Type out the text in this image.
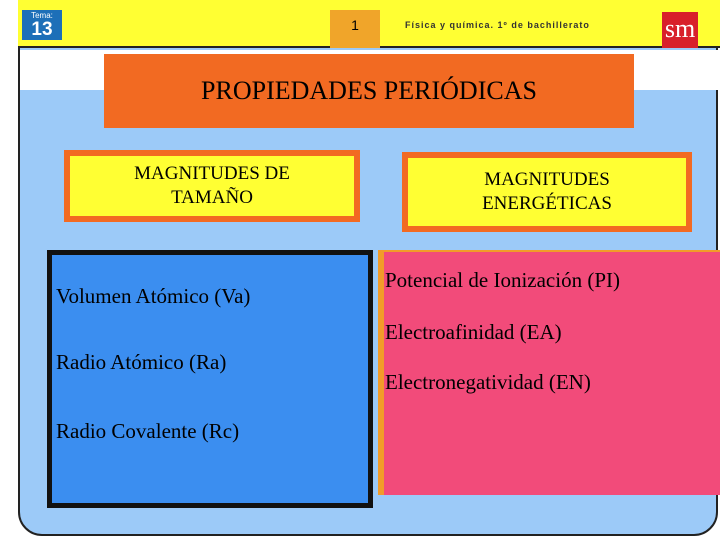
Tema:
13	1	Física y química. 1º de bachillerato	sm
PROPIEDADES PERIÓDICAS
MAGNITUDES DE TAMAÑO
MAGNITUDES ENERGÉTICAS
Volumen Atómico (Va)
Radio Atómico (Ra)
Radio Covalente (Rc)
Potencial de Ionización (PI)
Electroafinidad (EA)
Electronegatividad (EN)
